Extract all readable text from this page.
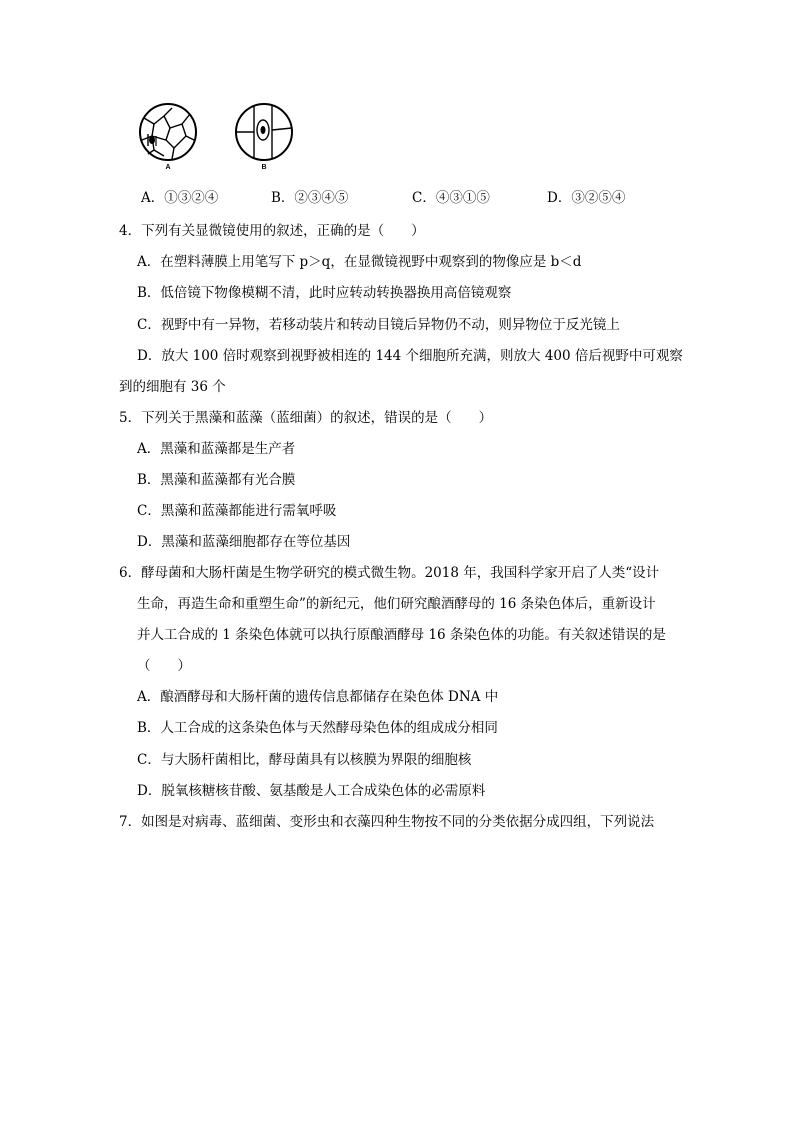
A	B
A．①③②④	B．②③④⑤	C．④③①⑤	D．③②⑤④
4．下列有关显微镜使用的叙述，正确的是（　　）
A．在塑料薄膜上用笔写下 p＞q，在显微镜视野中观察到的物像应是 b＜d
B．低倍镜下物像模糊不清，此时应转动转换器换用高倍镜观察
C．视野中有一异物，若移动装片和转动目镜后异物仍不动，则异物位于反光镜上
D．放大 100 倍时观察到视野被相连的 144 个细胞所充满，则放大 400 倍后视野中可观察
到的细胞有 36 个
5．下列关于黑藻和蓝藻（蓝细菌）的叙述，错误的是（　　）
A．黑藻和蓝藻都是生产者
B．黑藻和蓝藻都有光合膜
C．黑藻和蓝藻都能进行需氧呼吸
D．黑藻和蓝藻细胞都存在等位基因
6．酵母菌和大肠杆菌是生物学研究的模式微生物。2018 年，我国科学家开启了人类“设计
生命，再造生命和重塑生命”的新纪元，他们研究酿酒酵母的 16 条染色体后，重新设计
并人工合成的 1 条染色体就可以执行原酿酒酵母 16 条染色体的功能。有关叙述错误的是
（　　）
A．酿酒酵母和大肠杆菌的遗传信息都储存在染色体 DNA 中
B．人工合成的这条染色体与天然酵母染色体的组成成分相同
C．与大肠杆菌相比，酵母菌具有以核膜为界限的细胞核
D．脱氧核糖核苷酸、氨基酸是人工合成染色体的必需原料
7．如图是对病毒、蓝细菌、变形虫和衣藻四种生物按不同的分类依据分成四组，下列说法
